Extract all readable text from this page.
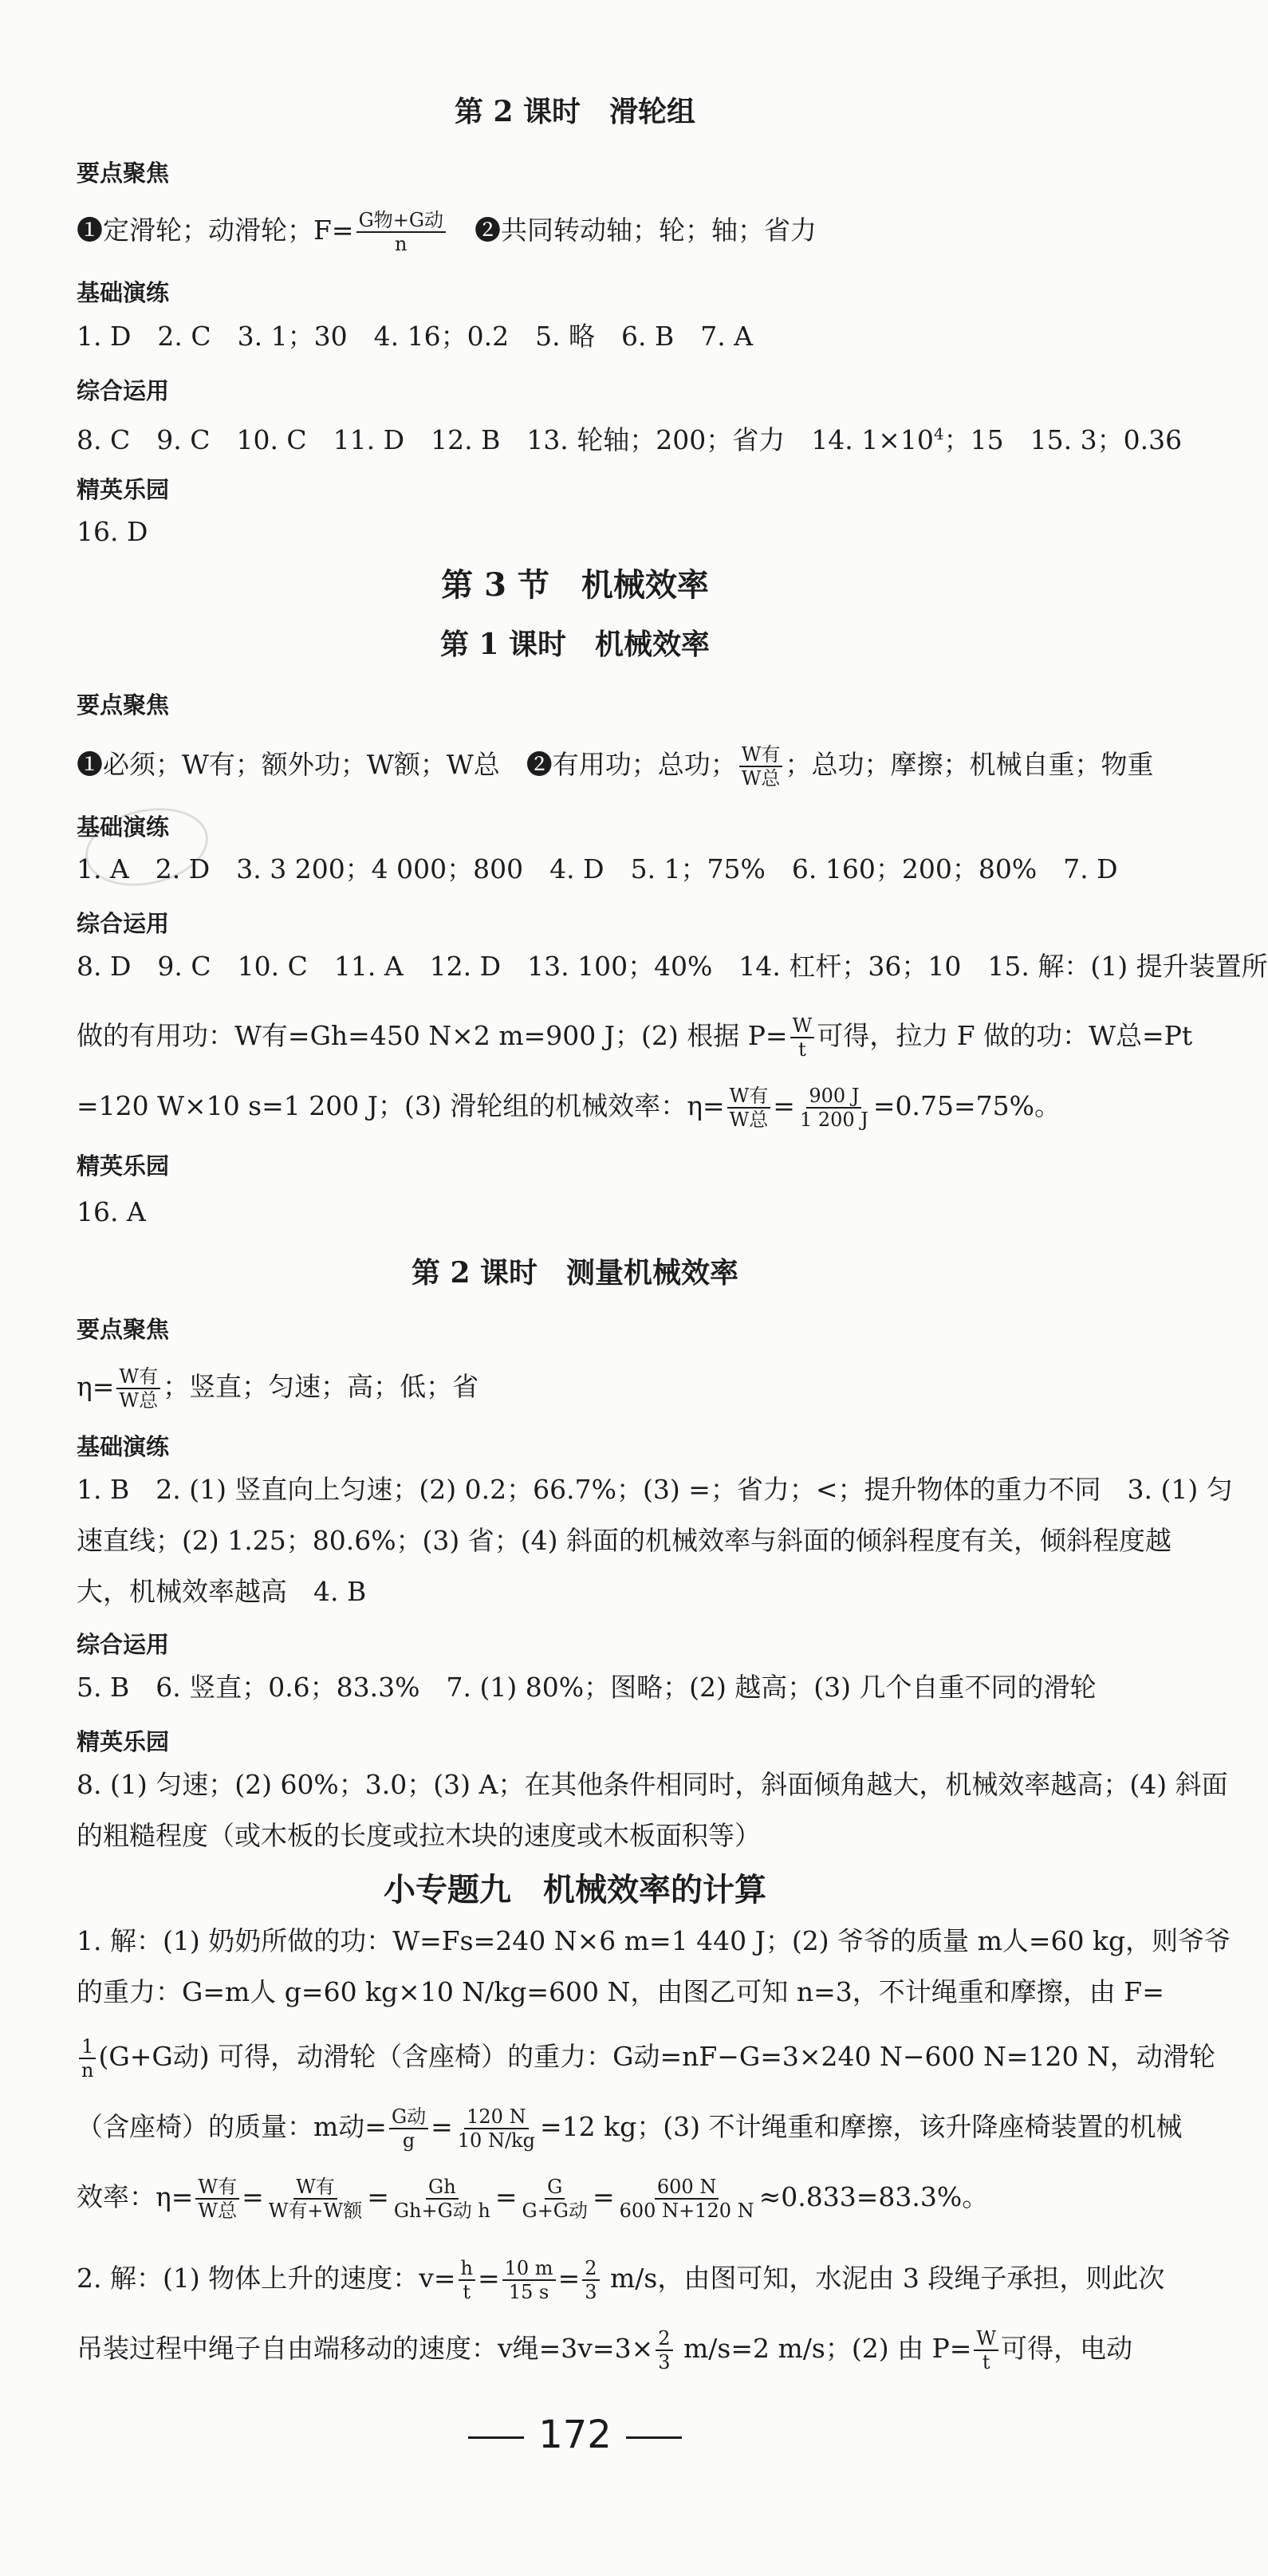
第 2 课时　滑轮组
要点聚焦
❶定滑轮；动滑轮；$F= \frac{\text{G物+G动}}{n}$
　 ❷共同转动轴；轮；轴；省力
基础演练
1. D　2. C　3. 1；30　4. 16；0.2　5. 略　6. B　7. A
综合运用
8. C　9. C　10. C　11. D　12. B　13. 轮轴；200；省力　14. $1\times 10^4$；15　15. 3；0.36
精英乐园
16. D
第 3 节　机械效率
第 1 课时　机械效率
要点聚焦
❶必须；W有；额外功；W额；W总　❷有用功；总功； $\frac{\text{W有}}{\text{W总}}$ ；总功；摩擦；机械自重；物重
基础演练
1. A　2. D　3. 3 200；4 000；800　4. D　5. 1；75%　6. 160；200；80%　7. D
综合运用
8. D　9. C　10. C　11. A　12. D　13. 100；40%　14. 杠杆；36；10　15. 解：(1) 提升装置所
做的有用功：W有=Gh=450 N×2 m=900 J；(2) 根据 $P= \frac{W}{t}$ 可得，拉力 F 做的功：W总=Pt
=120 W×10 s=1 200 J；(3) 滑轮组的机械效率：$\eta= \frac{\text{W有}}{\text{W总}} = \frac{900 J}{1 200 J} =0.75=75\%$。
精英乐园
16. A
第 2 课时　测量机械效率
要点聚焦
$\eta= \frac{\text{W有}}{\text{W总}}$ ；竖直；匀速；高；低；省
基础演练
1. B　2. (1) 竖直向上匀速；(2) 0.2；66.7%；(3) =；省力；<；提升物体的重力不同　3. (1) 匀
速直线；(2) 1.25；80.6%；(3) 省；(4) 斜面的机械效率与斜面的倾斜程度有关，倾斜程度越
大，机械效率越高　4. B
综合运用
5. B　6. 竖直；0.6；83.3%　7. (1) 80%；图略；(2) 越高；(3) 几个自重不同的滑轮
精英乐园
8. (1) 匀速；(2) 60%；3.0；(3) A；在其他条件相同时，斜面倾角越大，机械效率越高；(4) 斜面
的粗糙程度（或木板的长度或拉木块的速度或木板面积等）
小专题九　机械效率的计算
1. 解：(1) 奶奶所做的功：W=Fs=240 N×6 m=1 440 J；(2) 爷爷的质量 m人=60 kg，则爷爷
的重力：G=m人 g=60 kg×10 N/kg=600 N，由图乙可知 n=3，不计绳重和摩擦，由 F=
$\frac{1}{n} (G+G$动) 可得，动滑轮（含座椅）的重力：G动=nF−G=3×240 N−600 N=120 N，动滑轮
（含座椅）的质量：m动= $\frac{\text{G动}}{g} = \frac{120 N}{10 N/kg} =12$ kg；(3) 不计绳重和摩擦，该升降座椅装置的机械
效率：$\eta= \frac{\text{W有}}{\text{W总}} = \frac{\text{W有}}{\text{W有+W额}} = \frac{Gh}{\text{Gh+G动 h}} = \frac{G}{\text{G+G动}} = \frac{600 N}{600 N+120 N} \approx 0.833=83.3\%$。
2. 解：(1) 物体上升的速度：$v= \frac{h}{t} = \frac{10 m}{15 s} = \frac{2}{3} m/s$，由图可知，水泥由 3 段绳子承担，则此次
吊装过程中绳子自由端移动的速度：v绳$=3v=3\times \frac{2}{3} m/s=2$ m/s；(2) 由 $P= \frac{W}{t}$ 可得，电动
172
